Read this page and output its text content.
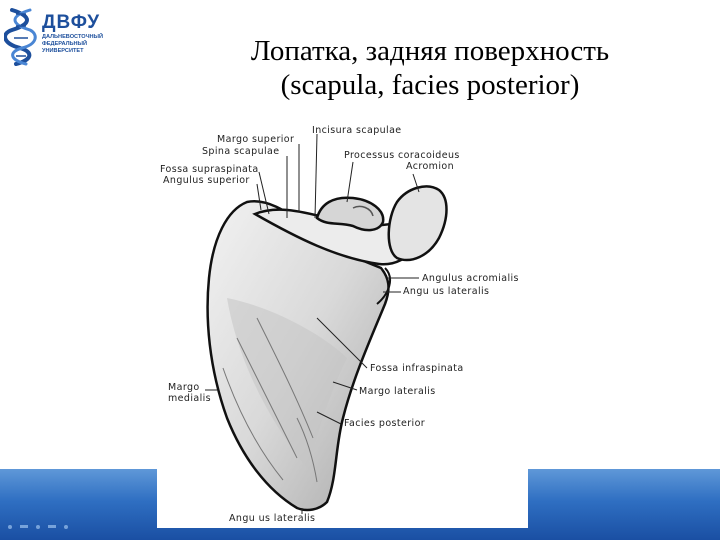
ДВФУ
ДАЛЬНЕВОСТОЧНЫЙ
ФЕДЕРАЛЬНЫЙ
УНИВЕРСИТЕТ	Лопатка, задняя поверхность
(scapula, facies posterior)
Margo superior
Incisura scapulae
Spina scapulae	Processus coracoideus
Acromion
Fossa supraspinata
Angulus superior
Angulus acromialis
Angu us lateralis
Fossa infraspinata
Margo
medialis
Margo lateralis
Facies posterior
Angu us lateralis
